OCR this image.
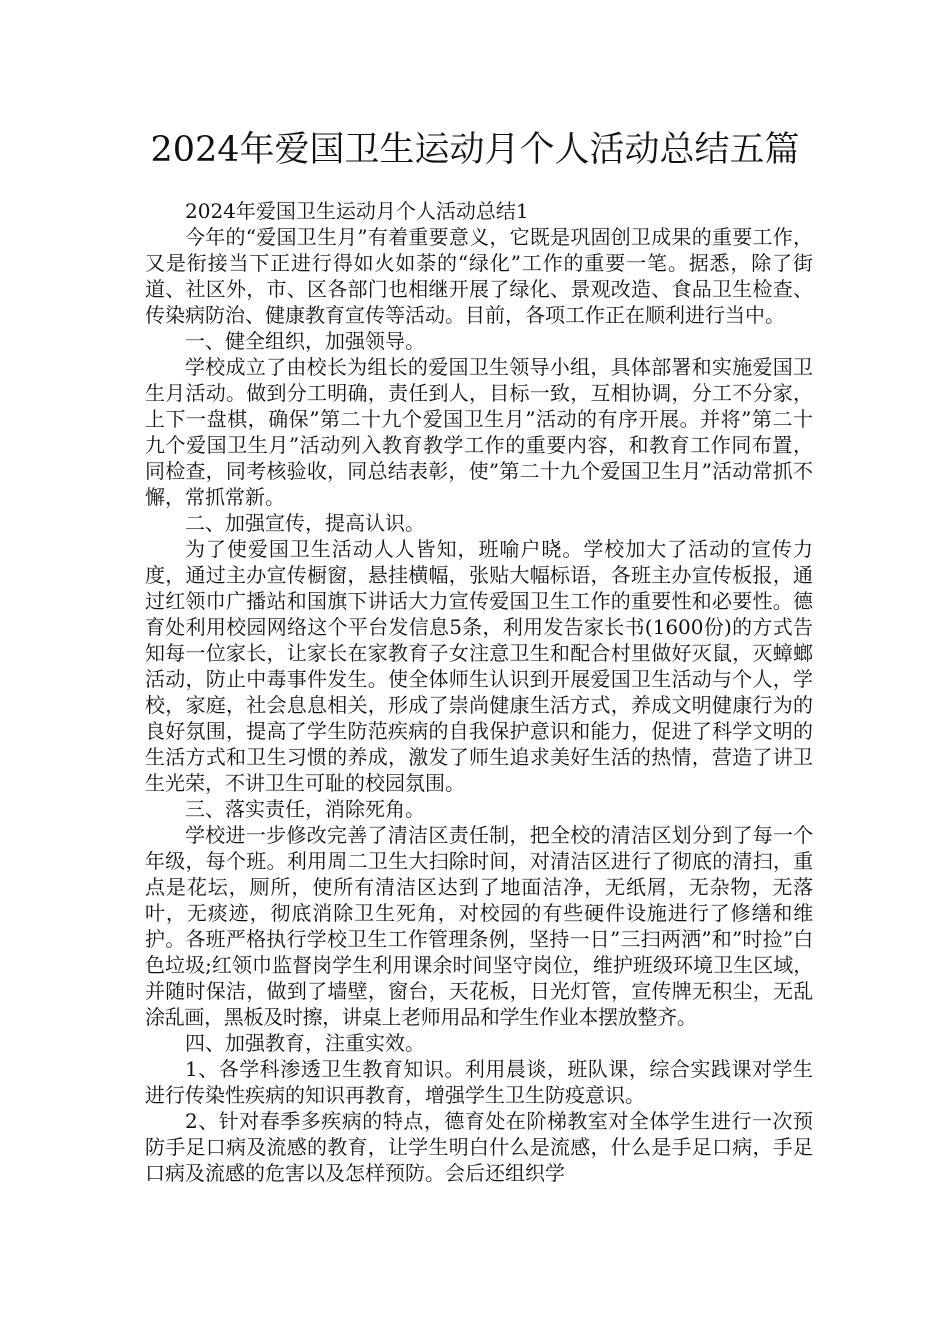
2024年爱国卫生运动月个人活动总结五篇

2024年爱国卫生运动月个人活动总结1

今年的“爱国卫生月”有着重要意义，它既是巩固创卫成果的重要工作，又是衔接当下正进行得如火如荼的“绿化”工作的重要一笔。据悉，除了街道、社区外，市、区各部门也相继开展了绿化、景观改造、食品卫生检查、传染病防治、健康教育宣传等活动。目前，各项工作正在顺利进行当中。

一、健全组织，加强领导。

学校成立了由校长为组长的爱国卫生领导小组，具体部署和实施爱国卫生月活动。做到分工明确，责任到人，目标一致，互相协调，分工不分家，上下一盘棋，确保”第二十九个爱国卫生月”活动的有序开展。并将”第二十九个爱国卫生月”活动列入教育教学工作的重要内容，和教育工作同布置，同检查，同考核验收，同总结表彰，使”第二十九个爱国卫生月”活动常抓不懈，常抓常新。

二、加强宣传，提高认识。

为了使爱国卫生活动人人皆知，班喻户晓。学校加大了活动的宣传力度，通过主办宣传橱窗，悬挂横幅，张贴大幅标语，各班主办宣传板报，通过红领巾广播站和国旗下讲话大力宣传爱国卫生工作的重要性和必要性。德育处利用校园网络这个平台发信息5条，利用发告家长书(1600份)的方式告知每一位家长，让家长在家教育子女注意卫生和配合村里做好灭鼠，灭蟑螂活动，防止中毒事件发生。使全体师生认识到开展爱国卫生活动与个人，学校，家庭，社会息息相关，形成了崇尚健康生活方式，养成文明健康行为的良好氛围，提高了学生防范疾病的自我保护意识和能力，促进了科学文明的生活方式和卫生习惯的养成，激发了师生追求美好生活的热情，营造了讲卫生光荣，不讲卫生可耻的校园氛围。

三、落实责任，消除死角。

学校进一步修改完善了清洁区责任制，把全校的清洁区划分到了每一个年级，每个班。利用周二卫生大扫除时间，对清洁区进行了彻底的清扫，重点是花坛，厕所，使所有清洁区达到了地面洁净，无纸屑，无杂物，无落叶，无痰迹，彻底消除卫生死角，对校园的有些硬件设施进行了修缮和维护。各班严格执行学校卫生工作管理条例，坚持一日”三扫两洒”和”时捡”白色垃圾;红领巾监督岗学生利用课余时间坚守岗位，维护班级环境卫生区域，并随时保洁，做到了墙壁，窗台，天花板，日光灯管，宣传牌无积尘，无乱涂乱画，黑板及时擦，讲桌上老师用品和学生作业本摆放整齐。

四、加强教育，注重实效。

1、各学科渗透卫生教育知识。利用晨谈，班队课，综合实践课对学生进行传染性疾病的知识再教育，增强学生卫生防疫意识。

2、针对春季多疾病的特点，德育处在阶梯教室对全体学生进行一次预防手足口病及流感的教育，让学生明白什么是流感，什么是手足口病，手足口病及流感的危害以及怎样预防。会后还组织学
